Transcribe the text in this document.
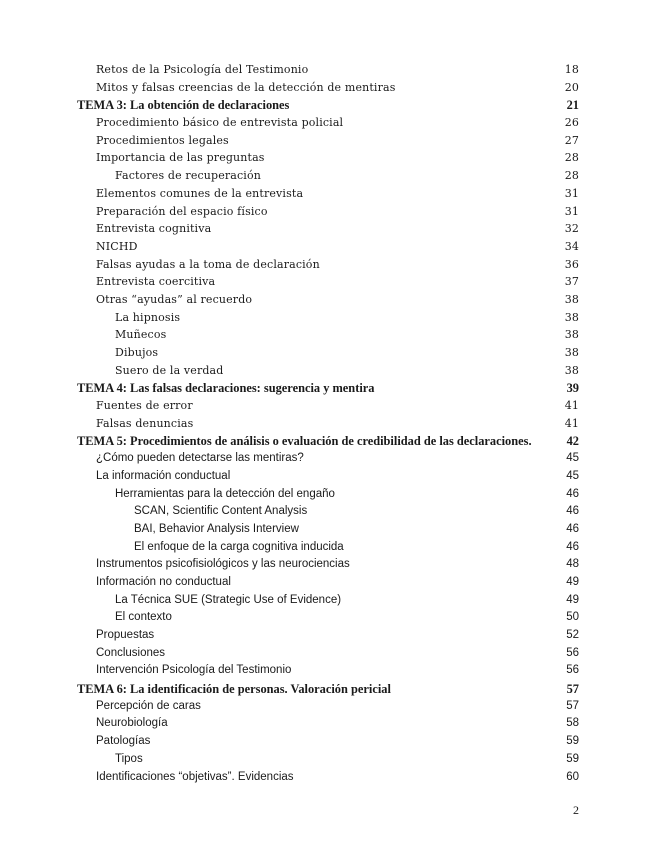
Retos de la Psicología del Testimonio	18
Mitos y falsas creencias de la detección de mentiras	20
TEMA 3: La obtención de declaraciones	21
Procedimiento básico de entrevista policial	26
Procedimientos legales	27
Importancia de las preguntas	28
Factores de recuperación	28
Elementos comunes de la entrevista	31
Preparación del espacio físico	31
Entrevista cognitiva	32
NICHD	34
Falsas ayudas a la toma de declaración	36
Entrevista coercitiva	37
Otras “ayudas” al recuerdo	38
La hipnosis	38
Muñecos	38
Dibujos	38
Suero de la verdad	38
TEMA 4: Las falsas declaraciones: sugerencia y mentira	39
Fuentes de error	41
Falsas denuncias	41
TEMA 5: Procedimientos de análisis o evaluación de credibilidad de las declaraciones.	42
¿Cómo pueden detectarse las mentiras?	45
La información conductual	45
Herramientas para la detección del engaño	46
SCAN, Scientific Content Analysis	46
BAI, Behavior Analysis Interview	46
El enfoque de la carga cognitiva inducida	46
Instrumentos psicofisiológicos y las neurociencias	48
Información no conductual	49
La Técnica SUE (Strategic Use of Evidence)	49
El contexto	50
Propuestas	52
Conclusiones	56
Intervención Psicología del Testimonio	56
TEMA 6: La identificación de personas. Valoración pericial	57
Percepción de caras	57
Neurobiología	58
Patologías	59
Tipos	59
Identificaciones “objetivas”. Evidencias	60
2
